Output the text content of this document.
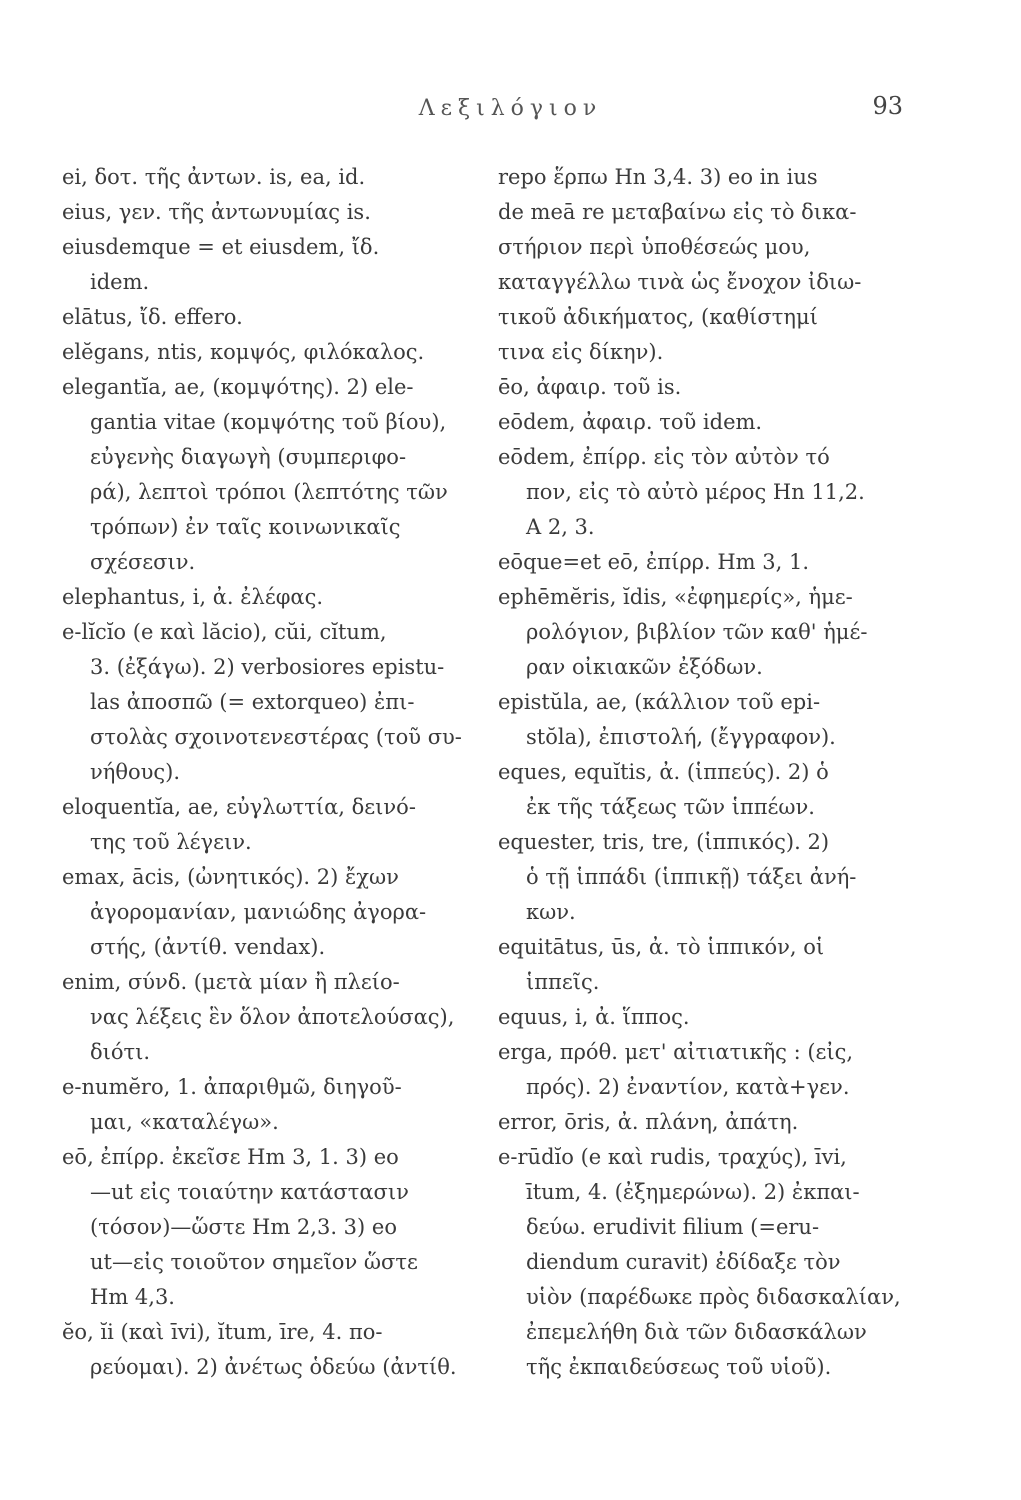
Λεξιλόγιον	93
ei, δοτ. τῆς ἀντων. is, ea, id.
eius, γεν. τῆς ἀντωνυμίας is.
eiusdemque = et eiusdem, ἴδ.
idem.
elātus, ἴδ. effero.
elĕgans, ntis, κομψός, φιλόκαλος.
elegantĭa, ae, (κομψότης). 2) ele-
gantia vitae (κομψότης τοῦ βίου),
εὐγενὴς διαγωγὴ (συμπεριφο-
ρά), λεπτοὶ τρόποι (λεπτότης τῶν
τρόπων) ἐν ταῖς κοινωνικαῖς
σχέσεσιν.
elephantus, i, ἀ. ἐλέφας.
e-lĭcĭo (e καὶ lăcio), cŭi, cĭtum,
3. (ἐξάγω). 2) verbosiores epistu-
las ἀποσπῶ (= extorqueo) ἐπι-
στολὰς σχοινοτενεστέρας (τοῦ συ-
νήθους).
eloquentĭa, ae, εὐγλωττία, δεινό-
της τοῦ λέγειν.
emax, ācis, (ὠνητικός). 2) ἔχων
ἀγορομανίαν, μανιώδης ἀγορα-
στής, (ἀντίθ. vendax).
enim, σύνδ. (μετὰ μίαν ἢ πλείο-
νας λέξεις ἓν ὅλον ἀποτελούσας),
διότι.
e-numĕro, 1. ἀπαριθμῶ, διηγοῦ-
μαι, «καταλέγω».
eō, ἐπίρρ. ἐκεῖσε Hm 3, 1. 3) eo
—ut εἰς τοιαύτην κατάστασιν
(τόσον)—ὥστε Hm 2,3. 3) eo
ut—εἰς τοιοῦτον σημεῖον ὥστε
Hm 4,3.
ĕo, ĭi (καὶ īvi), ĭtum, īre, 4. πο-
ρεύομαι). 2) ἀνέτως ὁδεύω (ἀντίθ.
repo ἕρπω Hn 3,4. 3) eo in ius
de meā re μεταβαίνω εἰς τὸ δικα-
στήριον περὶ ὑποθέσεώς μου,
καταγγέλλω τινὰ ὡς ἔνοχον ἰδιω-
τικοῦ ἀδικήματος, (καθίστημί
τινα εἰς δίκην).
ēo, ἀφαιρ. τοῦ is.
eōdem, ἀφαιρ. τοῦ idem.
eōdem, ἐπίρρ. εἰς τὸν αὐτὸν τό
πον, εἰς τὸ αὐτὸ μέρος Hn 11,2.
A 2, 3.
eōque=et eō, ἐπίρρ. Hm 3, 1.
ephēmĕris, ĭdis, «ἐφημερίς», ἡμε-
ρολόγιον, βιβλίον τῶν καθ' ἡμέ-
ραν οἰκιακῶν ἐξόδων.
epistŭla, ae, (κάλλιον τοῦ epi-
stŏla), ἐπιστολή, (ἔγγραφον).
eques, equĭtis, ἀ. (ἱππεύς). 2) ὁ
ἐκ τῆς τάξεως τῶν ἱππέων.
equester, tris, tre, (ἱππικός). 2)
ὁ τῇ ἱππάδι (ἱππικῇ) τάξει ἀνή-
κων.
equitātus, ūs, ἀ. τὸ ἱππικόν, οἱ
ἱππεῖς.
equus, i, ἀ. ἵππος.
erga, πρόθ. μετ' αἰτιατικῆς : (εἰς,
πρός). 2) ἐναντίον, κατὰ+γεν.
error, ōris, ἀ. πλάνη, ἀπάτη.
e-rūdĭo (e καὶ rudis, τραχύς), īvi,
ītum, 4. (ἐξημερώνω). 2) ἐκπαι-
δεύω. erudivit filium (=eru-
diendum curavit) ἐδίδαξε τὸν
υἱὸν (παρέδωκε πρὸς διδασκαλίαν,
ἐπεμελήθη διὰ τῶν διδασκάλων
τῆς ἐκπαιδεύσεως τοῦ υἱοῦ).
